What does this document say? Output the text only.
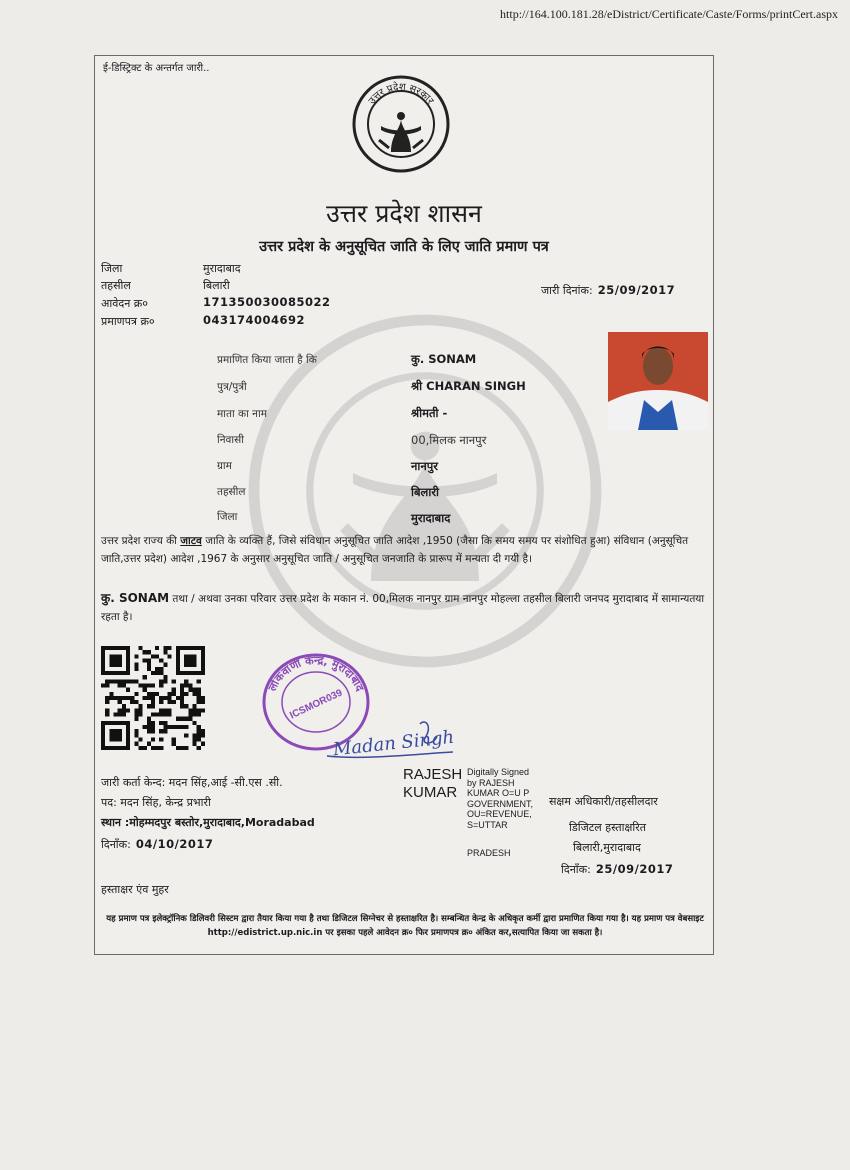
http://164.100.181.28/eDistrict/Certificate/Caste/Forms/printCert.aspx
ई-डिस्ट्रिक्ट के अन्तर्गत जारी..
उत्तर प्रदेश सरकार
उत्तर प्रदेश शासन
उत्तर प्रदेश के अनुसूचित जाति के लिए जाति प्रमाण पत्र
जिला	मुरादाबाद
तहसील	बिलारी
आवेदन क्र०	171350030085022
प्रमाणपत्र क्र०	043174004692
जारी दिनांक: 25/09/2017
प्रमाणित किया जाता है कि	कु. SONAM
पुत्र/पुत्री	श्री CHARAN SINGH
माता का नाम	श्रीमती -
निवासी	00,मिलक नानपुर
ग्राम	नानपुर
तहसील	बिलारी
जिला	मुरादाबाद
उत्तर प्रदेश राज्य की जाटव जाति के व्यक्ति हैं, जिसे संविधान अनुसूचित जाति आदेश ,1950 (जैसा कि समय समय पर संशोधित हुआ) संविधान (अनुसूचित जाति,उत्तर प्रदेश) आदेश ,1967 के अनुसार अनुसूचित जाति / अनुसूचित जनजाति के प्रारूप में मन्यता दी गयी है।
कु. SONAM तथा / अथवा उनका परिवार उत्तर प्रदेश के मकान नं. 00,मिलक नानपुर ग्राम नानपुर मोहल्ला तहसील बिलारी जनपद मुरादाबाद में सामान्यतया रहता है।
लोकवाणी केन्द्र, मुरादाबाद
ICSMOR039
Madan Singh
जारी कर्ता केन्द: मदन सिंह,आई -सी.एस .सी.
पद: मदन सिंह, केन्द्र प्रभारी
स्थान :मोहम्मदपुर बस्तोर,मुरादाबाद,Moradabad
दिनाँक: 04/10/2017
RAJESH
KUMAR
Digitally Signed
by RAJESH
KUMAR O=U P
GOVERNMENT,
OU=REVENUE,
S=UTTAR
PRADESH
सक्षम अधिकारी/तहसीलदार
डिजिटल हस्ताक्षरित
बिलारी,मुरादाबाद
दिनाँक: 25/09/2017
हस्ताक्षर एंव मुहर
यह प्रमाण पत्र इलेक्ट्रॉनिक डिलिवरी सिस्टम द्वारा तैयार किया गया है तथा डिजिटल सिग्नेचर से हस्ताक्षरित है। सम्बन्धित केन्द्र के अधिकृत कर्मी द्वारा प्रमाणित किया गया है। यह प्रमाण पत्र वेबसाइट http://edistrict.up.nic.in पर इसका पहले आवेदन क्र० फिर प्रमाणपत्र क्र० अंकित कर,सत्यापित किया जा सकता है।
